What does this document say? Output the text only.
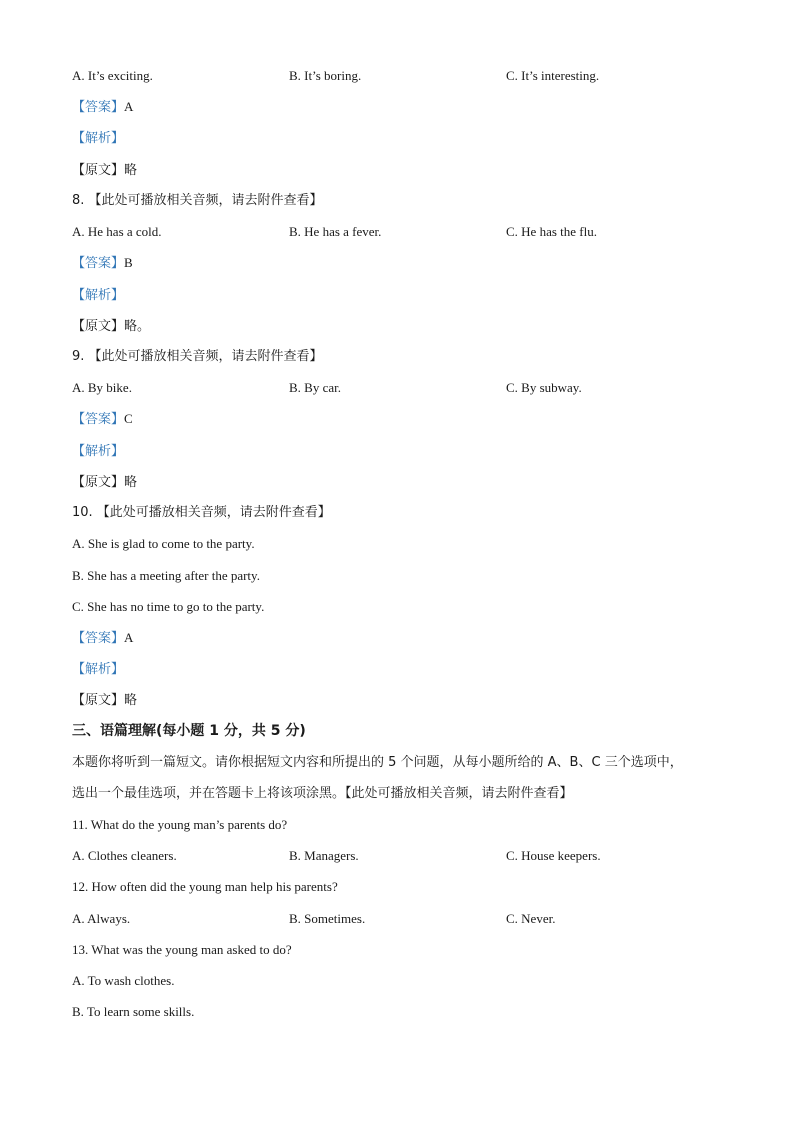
A. It’s exciting.	B. It’s boring.	C. It’s interesting.
【答案】A
【解析】
【原文】略
8. 【此处可播放相关音频，请去附件查看】
A. He has a cold.	B. He has a fever.	C. He has the flu.
【答案】B
【解析】
【原文】略。
9. 【此处可播放相关音频，请去附件查看】
A. By bike.	B. By car.	C. By subway.
【答案】C
【解析】
【原文】略
10. 【此处可播放相关音频，请去附件查看】
A. She is glad to come to the party.
B. She has a meeting after the party.
C. She has no time to go to the party.
【答案】A
【解析】
【原文】略
三、语篇理解(每小题 1 分，共 5 分)
本题你将听到一篇短文。请你根据短文内容和所提出的 5 个问题，从每小题所给的 A、B、C 三个选项中，
选出一个最佳选项，并在答题卡上将该项涂黑。【此处可播放相关音频，请去附件查看】
11. What do the young man’s parents do?
A. Clothes cleaners.	B. Managers.	C. House keepers.
12. How often did the young man help his parents?
A. Always.	B. Sometimes.	C. Never.
13. What was the young man asked to do?
A. To wash clothes.
B. To learn some skills.
